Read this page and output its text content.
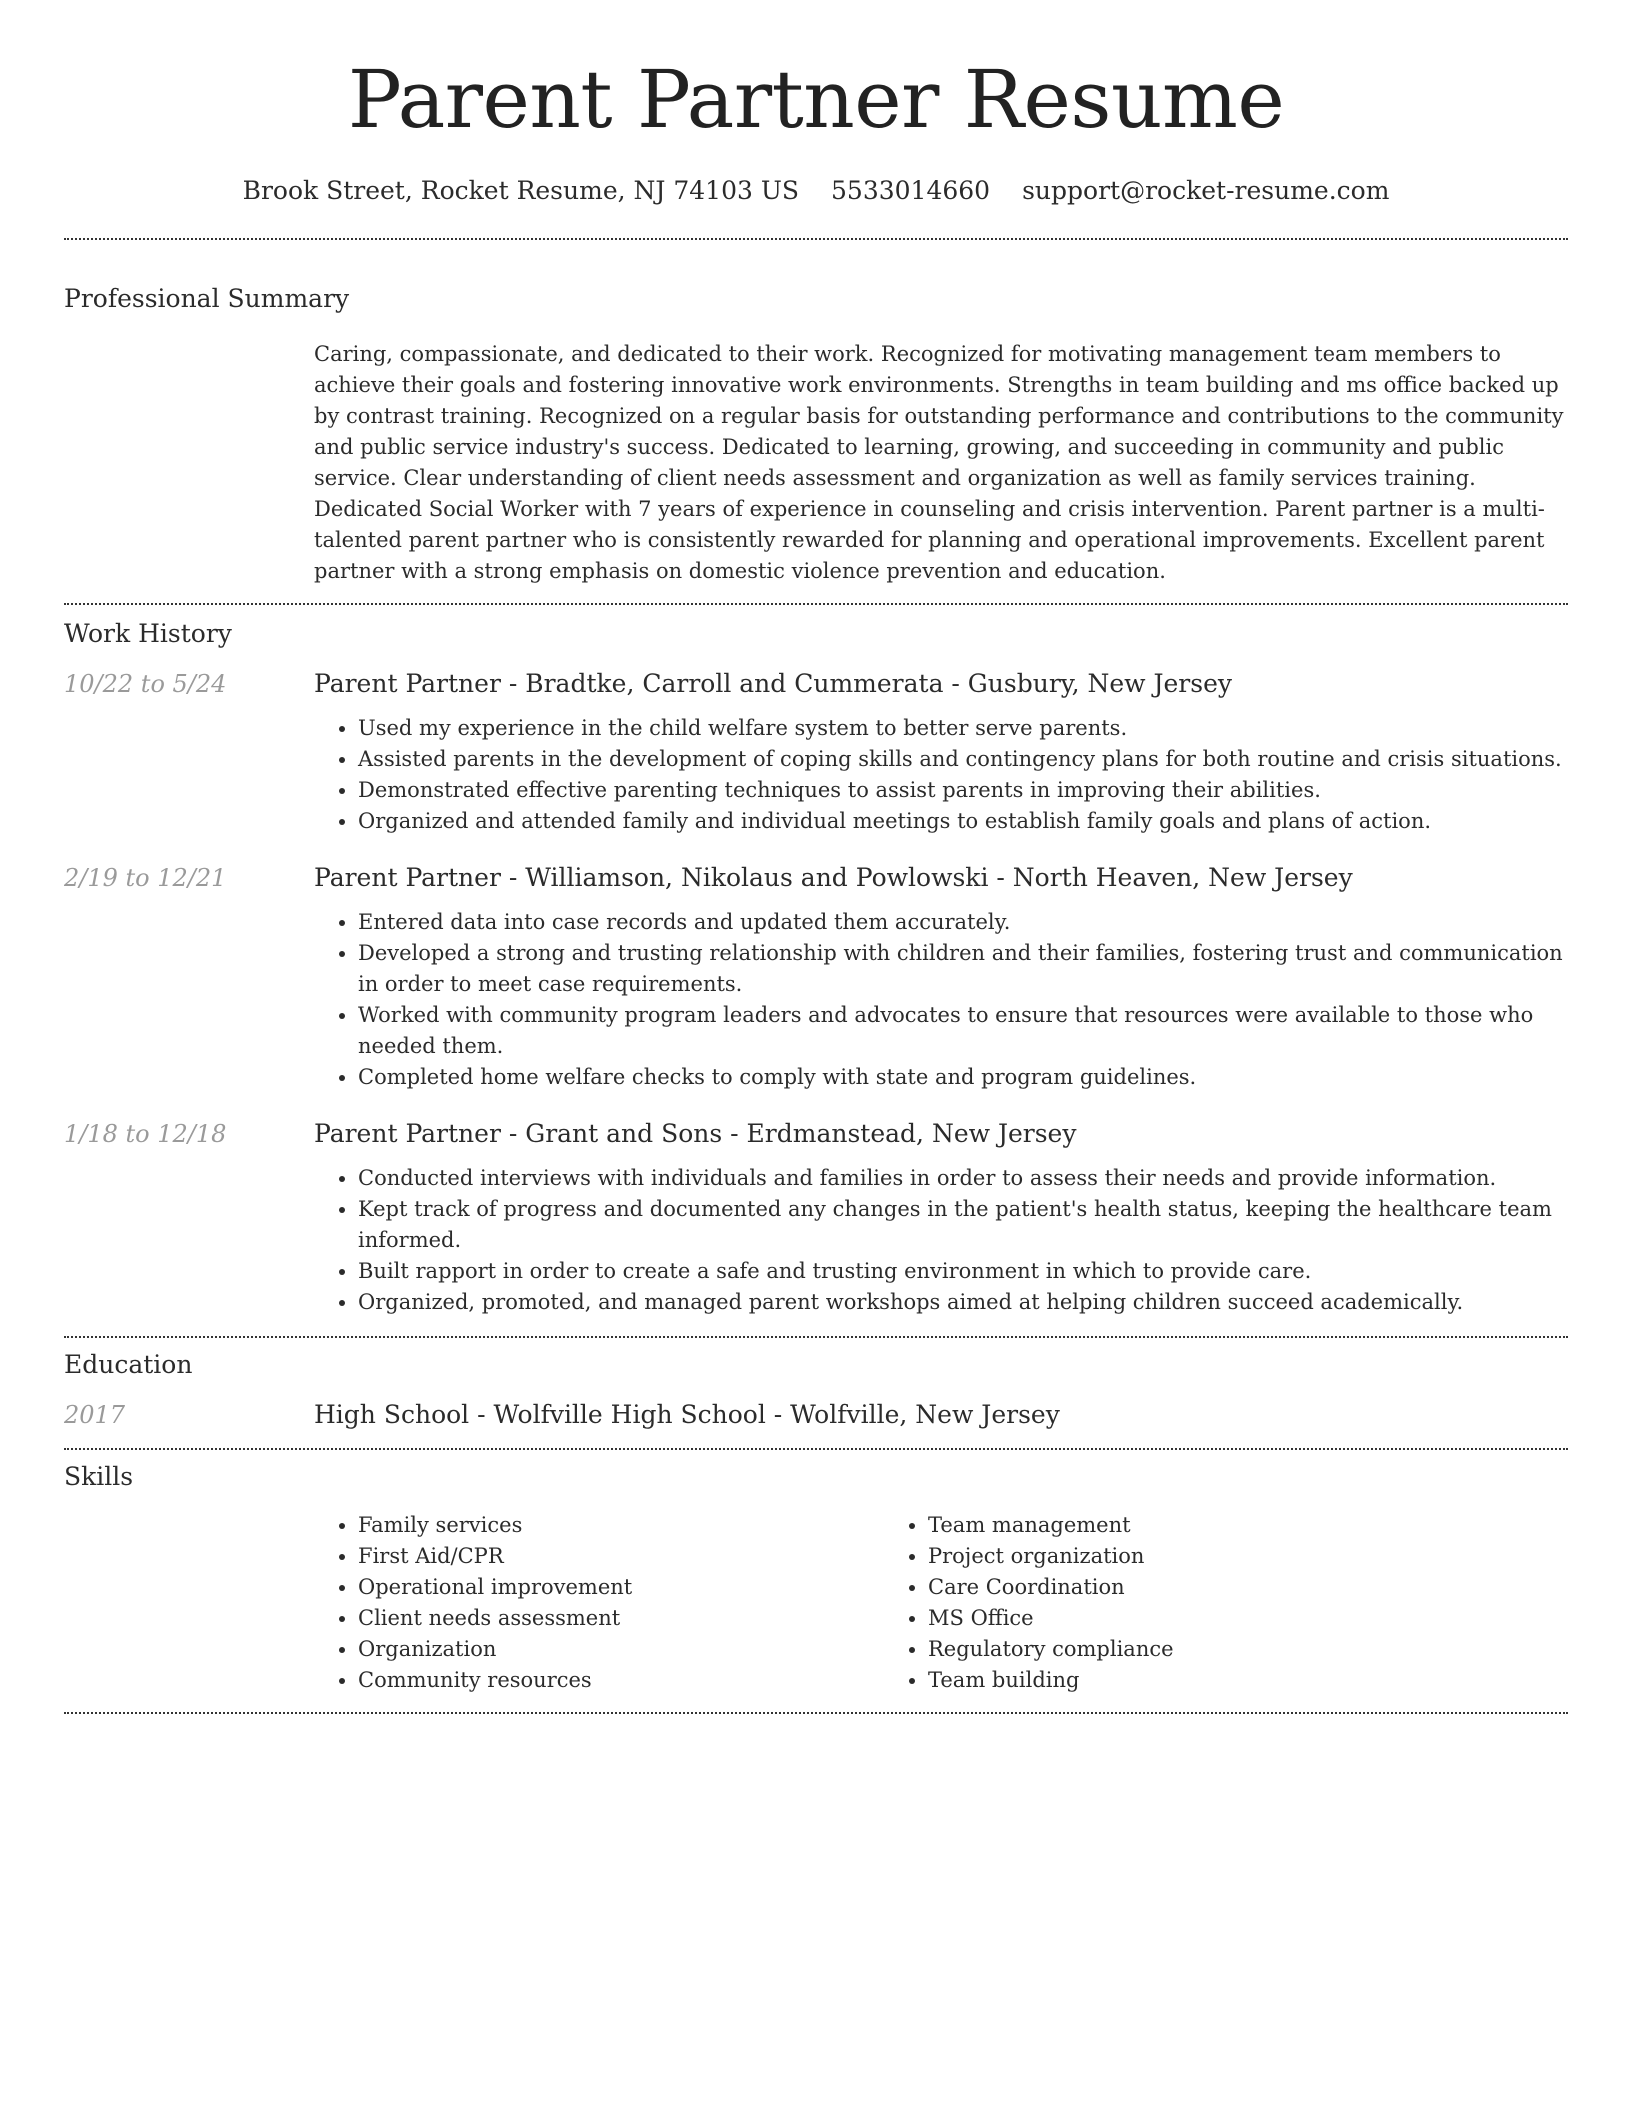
Parent Partner Resume
Brook Street, Rocket Resume, NJ 74103 US 5533014660 support@rocket-resume.com
Professional Summary

Caring, compassionate, and dedicated to their work. Recognized for motivating management team members to achieve their goals and fostering innovative work environments. Strengths in team building and ms office backed up by contrast training. Recognized on a regular basis for outstanding performance and contributions to the community and public service industry's success. Dedicated to learning, growing, and succeeding in community and public service. Clear understanding of client needs assessment and organization as well as family services training. Dedicated Social Worker with 7 years of experience in counseling and crisis intervention. Parent partner is a multi-talented parent partner who is consistently rewarded for planning and operational improvements. Excellent parent partner with a strong emphasis on domestic violence prevention and education.

Work History
10/22 to 5/24	Parent Partner - Bradtke, Carroll and Cummerata - Gusbury, New Jersey
• Used my experience in the child welfare system to better serve parents.
• Assisted parents in the development of coping skills and contingency plans for both routine and crisis situations.
• Demonstrated effective parenting techniques to assist parents in improving their abilities.
• Organized and attended family and individual meetings to establish family goals and plans of action.
2/19 to 12/21	Parent Partner - Williamson, Nikolaus and Powlowski - North Heaven, New Jersey
• Entered data into case records and updated them accurately.
• Developed a strong and trusting relationship with children and their families, fostering trust and communication in order to meet case requirements.
• Worked with community program leaders and advocates to ensure that resources were available to those who needed them.
• Completed home welfare checks to comply with state and program guidelines.
1/18 to 12/18	Parent Partner - Grant and Sons - Erdmanstead, New Jersey
• Conducted interviews with individuals and families in order to assess their needs and provide information.
• Kept track of progress and documented any changes in the patient's health status, keeping the healthcare team informed.
• Built rapport in order to create a safe and trusting environment in which to provide care.
• Organized, promoted, and managed parent workshops aimed at helping children succeed academically.
Education
2017	High School - Wolfville High School - Wolfville, New Jersey
Skills
• Family services
• First Aid/CPR
• Operational improvement
• Client needs assessment
• Organization
• Community resources
• Team management
• Project organization
• Care Coordination
• MS Office
• Regulatory compliance
• Team building
